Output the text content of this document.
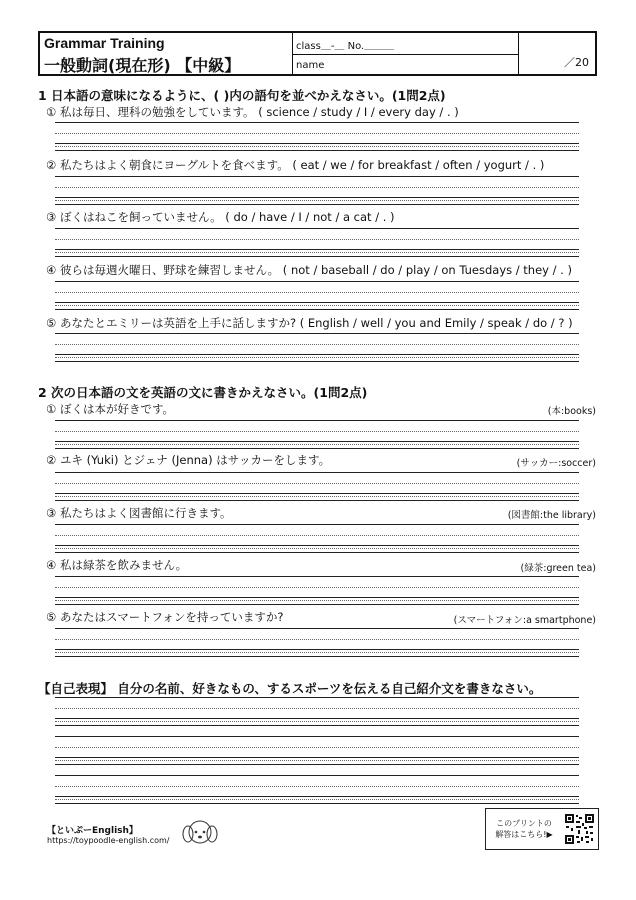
Grammar Training
一般動詞(現在形) 【中級】
class＿-＿ No.＿＿＿
name	／20
1 日本語の意味になるように、( )内の語句を並べかえなさい。(1問2点)
① 私は毎日、理科の勉強をしています。 ( science / study / I / every day / . )
② 私たちはよく朝食にヨーグルトを食べます。 ( eat / we / for breakfast / often / yogurt / . )
③ ぼくはねこを飼っていません。 ( do / have / I / not / a cat / . )
④ 彼らは毎週火曜日、野球を練習しません。 ( not / baseball / do / play / on Tuesdays / they / . )
⑤ あなたとエミリーは英語を上手に話しますか? ( English / well / you and Emily / speak / do / ? )
2 次の日本語の文を英語の文に書きかえなさい。(1問2点)
① ぼくは本が好きです。	(本:books)
② ユキ (Yuki) とジェナ (Jenna) はサッカーをします。	(サッカー:soccer)
③ 私たちはよく図書館に行きます。	(図書館:the library)
④ 私は緑茶を飲みません。	(緑茶:green tea)
⑤ あなたはスマートフォンを持っていますか?	(スマートフォン:a smartphone)
【自己表現】 自分の名前、好きなもの、するスポーツを伝える自己紹介文を書きなさい。
【といぷーEnglish】
https://toypoodle-english.com/
このプリントの
解答はこちら!▶
